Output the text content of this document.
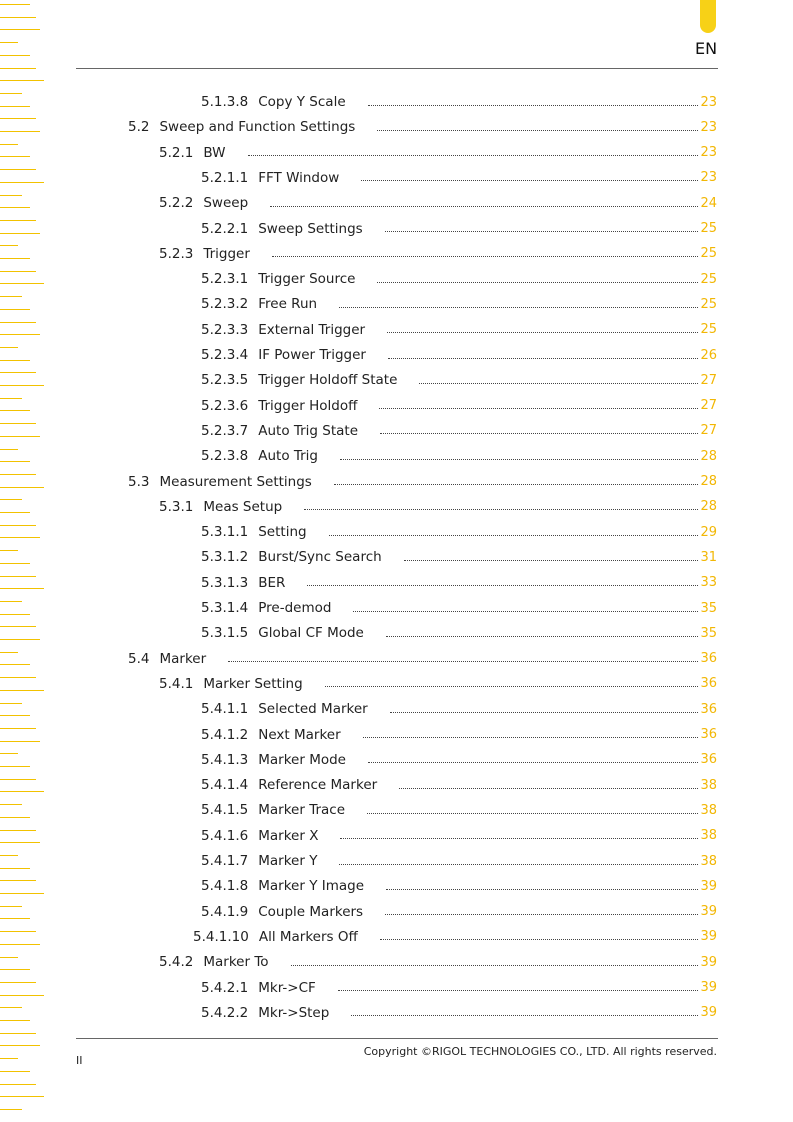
EN
5.1.3.8 Copy Y Scale	23
5.2 Sweep and Function Settings	23
5.2.1 BW	23
5.2.1.1 FFT Window	23
5.2.2 Sweep	24
5.2.2.1 Sweep Settings	25
5.2.3 Trigger	25
5.2.3.1 Trigger Source	25
5.2.3.2 Free Run	25
5.2.3.3 External Trigger	25
5.2.3.4 IF Power Trigger	26
5.2.3.5 Trigger Holdoff State	27
5.2.3.6 Trigger Holdoff	27
5.2.3.7 Auto Trig State	27
5.2.3.8 Auto Trig	28
5.3 Measurement Settings	28
5.3.1 Meas Setup	28
5.3.1.1 Setting	29
5.3.1.2 Burst/Sync Search	31
5.3.1.3 BER	33
5.3.1.4 Pre-demod	35
5.3.1.5 Global CF Mode	35
5.4 Marker	36
5.4.1 Marker Setting	36
5.4.1.1 Selected Marker	36
5.4.1.2 Next Marker	36
5.4.1.3 Marker Mode	36
5.4.1.4 Reference Marker	38
5.4.1.5 Marker Trace	38
5.4.1.6 Marker X	38
5.4.1.7 Marker Y	38
5.4.1.8 Marker Y Image	39
5.4.1.9 Couple Markers	39
5.4.1.10 All Markers Off	39
5.4.2 Marker To	39
5.4.2.1 Mkr->CF	39
5.4.2.2 Mkr->Step	39
II
Copyright ©RIGOL TECHNOLOGIES CO., LTD. All rights reserved.
